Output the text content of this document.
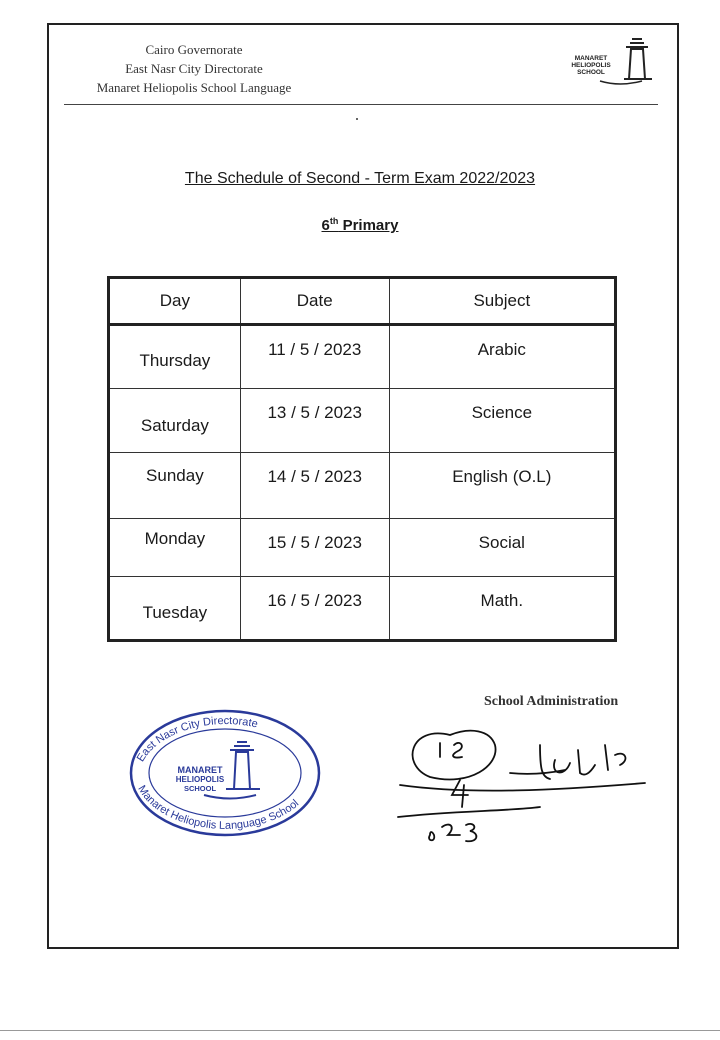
Cairo Governorate
East Nasr City Directorate
Manaret Heliopolis School Language
MANARET
HELIOPOLIS
SCHOOL
The Schedule of Second - Term Exam 2022/2023
6th Primary
Day	Date	Subject
Thursday	11 / 5 / 2023	Arabic
Saturday	13 / 5 / 2023	Science
Sunday	14 / 5 / 2023	English (O.L)
Monday	15 / 5 / 2023	Social
Tuesday	16 / 5 / 2023	Math.
School Administration
East Nasr City Directorate
Manaret Heliopolis Language School
MANARET
HELIOPOLIS
SCHOOL
